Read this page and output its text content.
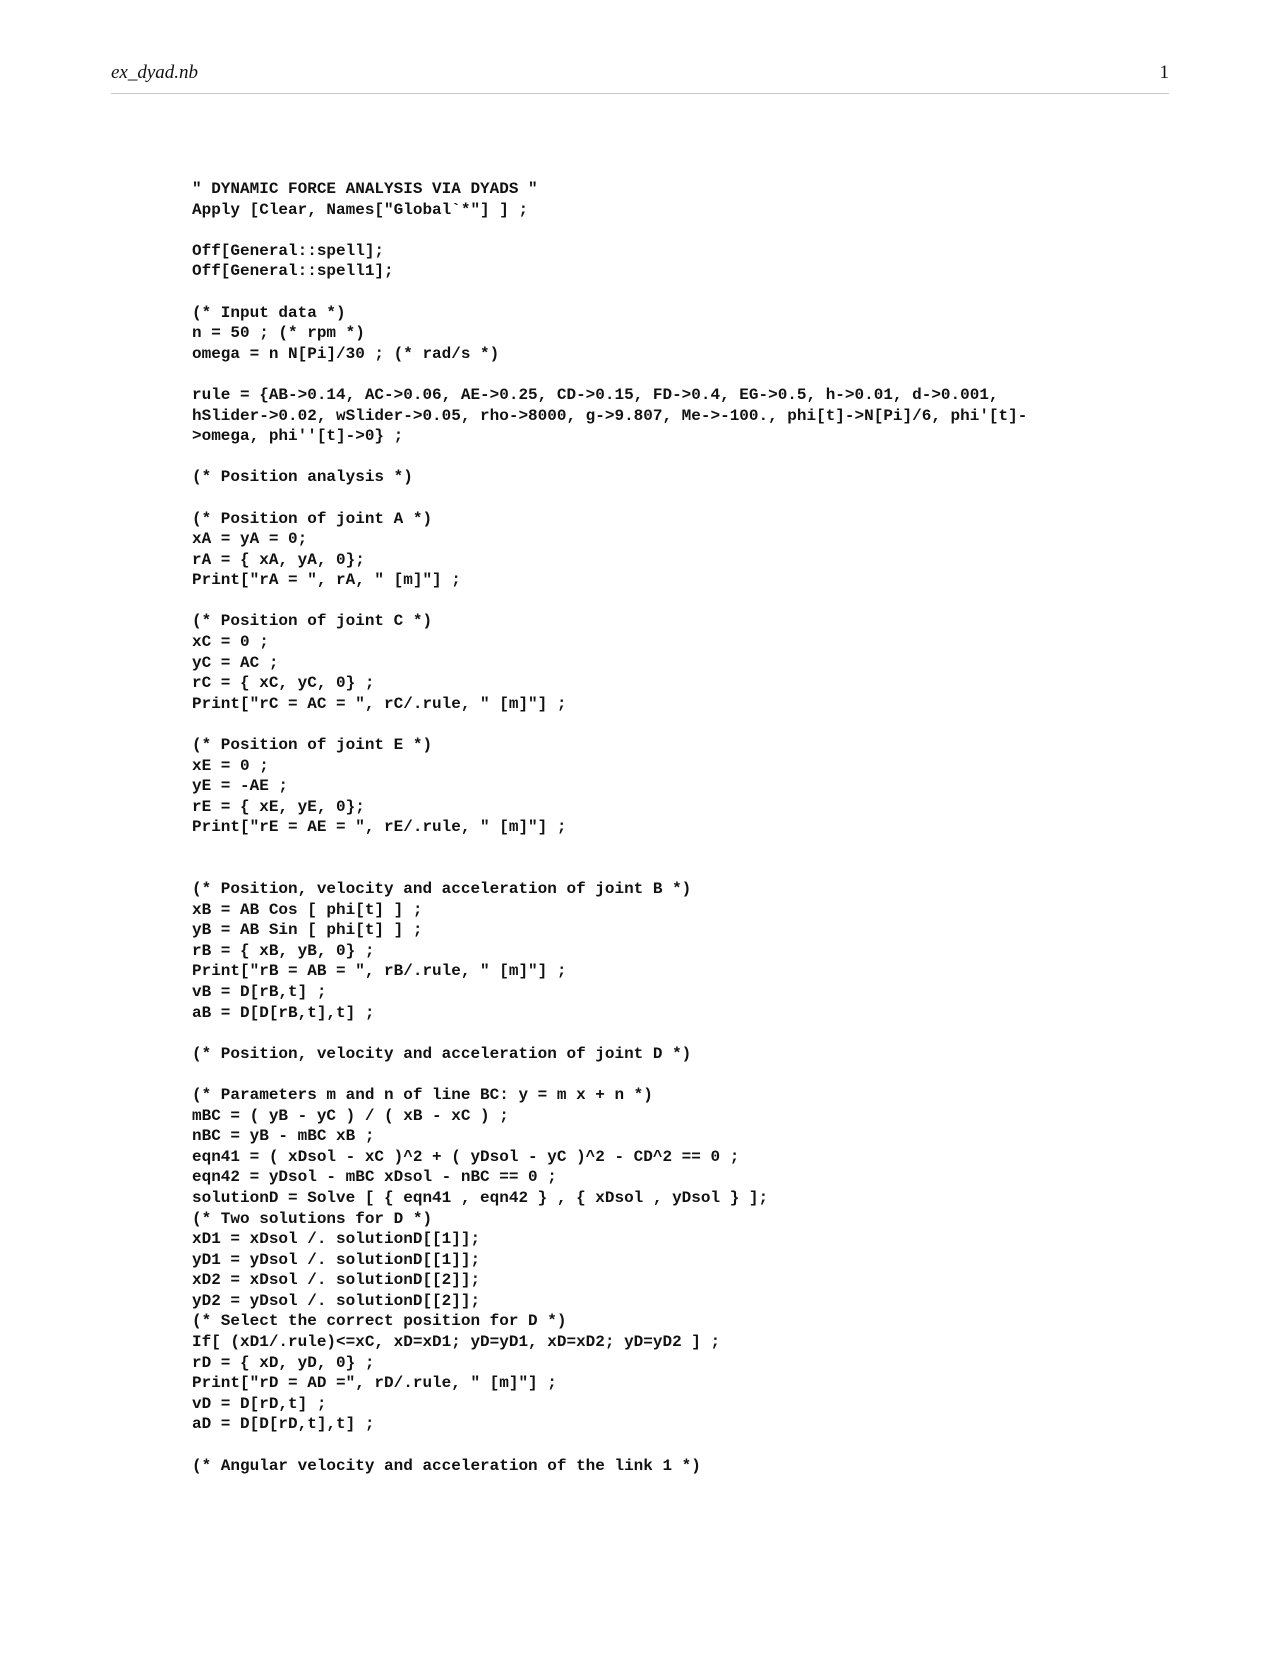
ex_dyad.nb	1
" DYNAMIC FORCE ANALYSIS VIA DYADS "
Apply [Clear, Names["Global`*"] ] ;
Off[General::spell];
Off[General::spell1];
(* Input data *)
n = 50 ; (* rpm *)
omega = n N[Pi]/30 ; (* rad/s *)
rule = {AB->0.14, AC->0.06, AE->0.25, CD->0.15, FD->0.4, EG->0.5, h->0.01, d->0.001,
hSlider->0.02, wSlider->0.05, rho->8000, g->9.807, Me->-100., phi[t]->N[Pi]/6, phi'[t]-
>omega, phi''[t]->0} ;
(* Position analysis *)
(* Position of joint A *)
xA = yA = 0;
rA = { xA, yA, 0};
Print["rA = ", rA, " [m]"] ;
(* Position of joint C *)
xC = 0 ;
yC = AC ;
rC = { xC, yC, 0} ;
Print["rC = AC = ", rC/.rule, " [m]"] ;
(* Position of joint E *)
xE = 0 ;
yE = -AE ;
rE = { xE, yE, 0};
Print["rE = AE = ", rE/.rule, " [m]"] ;
(* Position, velocity and acceleration of joint B *)
xB = AB Cos [ phi[t] ] ;
yB = AB Sin [ phi[t] ] ;
rB = { xB, yB, 0} ;
Print["rB = AB = ", rB/.rule, " [m]"] ;
vB = D[rB,t] ;
aB = D[D[rB,t],t] ;
(* Position, velocity and acceleration of joint D *)
(* Parameters m and n of line BC: y = m x + n *)
mBC = ( yB - yC ) / ( xB - xC ) ;
nBC = yB - mBC xB ;
eqn41 = ( xDsol - xC )^2 + ( yDsol - yC )^2 - CD^2 == 0 ;
eqn42 = yDsol - mBC xDsol - nBC == 0 ;
solutionD = Solve [ { eqn41 , eqn42 } , { xDsol , yDsol } ];
(* Two solutions for D *)
xD1 = xDsol /. solutionD[[1]];
yD1 = yDsol /. solutionD[[1]];
xD2 = xDsol /. solutionD[[2]];
yD2 = yDsol /. solutionD[[2]];
(* Select the correct position for D *)
If[ (xD1/.rule)<=xC, xD=xD1; yD=yD1, xD=xD2; yD=yD2 ] ;
rD = { xD, yD, 0} ;
Print["rD = AD =", rD/.rule, " [m]"] ;
vD = D[rD,t] ;
aD = D[D[rD,t],t] ;
(* Angular velocity and acceleration of the link 1 *)
